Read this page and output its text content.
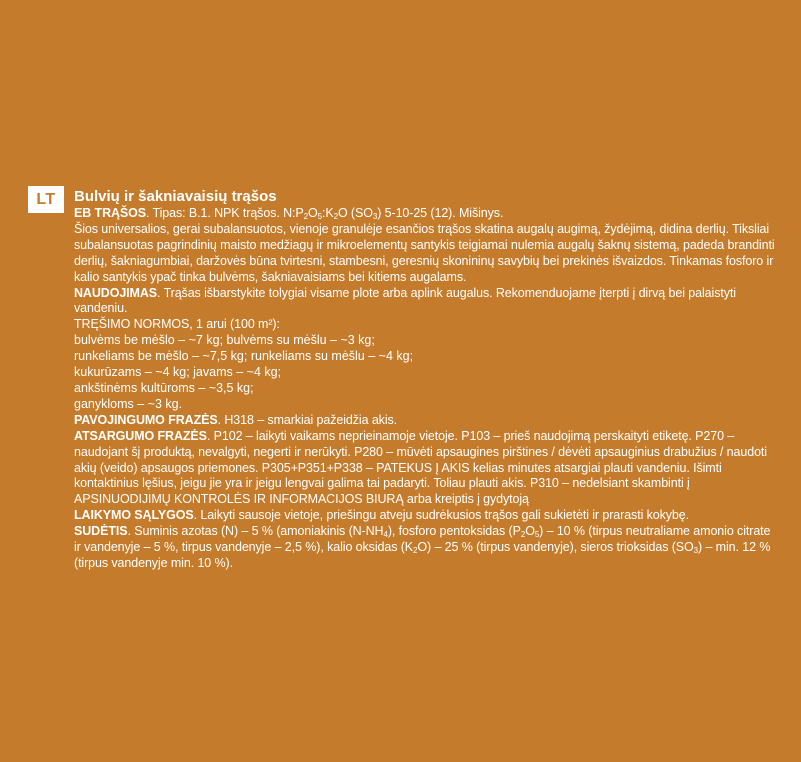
LT	Bulvių ir šakniavaisių trąšos

EB TRĄŠOS. Tipas: B.1. NPK trąšos. $N:P_2O_5:K_2O$ $(SO_3)$ 5-10-25 (12). Mišinys.

Šios universalios, gerai subalansuotos, vienoje granulėje esančios trąšos skatina augalų augimą, žydėjimą, didina derlių. Tiksliai subalansuotas pagrindinių maisto medžiagų ir mikroelementų santykis teigiamai nulemia augalų šaknų sistemą, padeda brandinti derlių, šakniagumbiai, daržovės būna tvirtesni, stambesni, geresnių skonininų savybių bei prekinės išvaizdos. Tinkamas fosforo ir kalio santykis ypač tinka bulvėms, šakniavaisiams bei kitiems augalams.

NAUDOJIMAS. Trąšas išbarstykite tolygiai visame plote arba aplink augalus. Rekomenduojame įterpti į dirvą bei palaistyti vandeniu.

TRĘŠIMO NORMOS, 1 arui (100 m²):

bulvėms be mėšlo – ~7 kg; bulvėms su mėšlu – ~3 kg;
runkeliams be mėšlo – ~7,5 kg; runkeliams su mėšlu – ~4 kg;
kukurūzams – ~4 kg; javams – ~4 kg;
ankštinėms kultūroms – ~3,5 kg;
ganykloms – ~3 kg.

PAVOJINGUMO FRAZĖS. H318 – smarkiai pažeidžia akis.

ATSARGUMO FRAZĖS. P102 – laikyti vaikams neprieinamoje vietoje. P103 – prieš naudojimą perskaityti etiketę. P270 – naudojant šį produktą, nevalgyti, negerti ir nerūkyti. P280 – mūvėti apsaugines pirštines / dėvėti apsauginius drabužius / naudoti akių (veido) apsaugos priemones. P305+P351+P338 – PATEKUS Į AKIS kelias minutes atsargiai plauti vandeniu. Išimti kontaktinius lęšius, jeigu jie yra ir jeigu lengvai galima tai padaryti. Toliau plauti akis. P310 – nedelsiant skambinti į APSINUODIJIMŲ KONTROLĖS IR INFORMACIJOS BIURĄ arba kreiptis į gydytoją

LAIKYMO SĄLYGOS. Laikyti sausoje vietoje, priešingu atveju sudrėkusios trąšos gali sukietėti ir prarasti kokybę.

SUDĖTIS. Suminis azotas (N) – 5 % (amoniakinis $(N-NH_4)$, fosforo pentoksidas $(P_2O_5) - 10$ % (tirpus neutraliame amonio citrate ir vandenyje – 5 %, tirpus vandenyje – 2,5 %), kalio oksidas $(K_2O) - 25$ % (tirpus vandenyje), sieros trioksidas $(SO_3)$ – min. 12 % (tirpus vandenyje min. 10 %).
